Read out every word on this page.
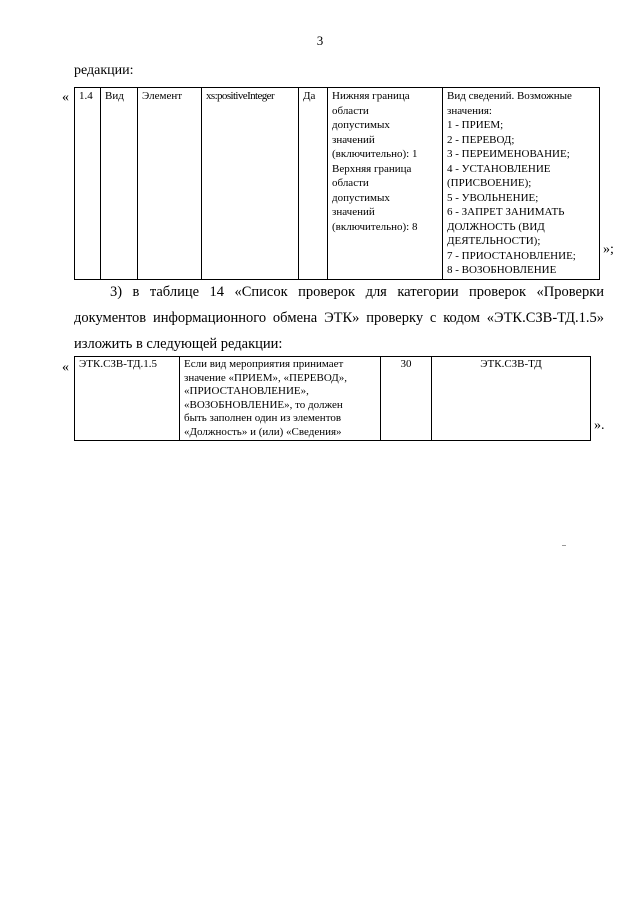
3
редакции:
« 1.4	Вид	Элемент	xs:positiveInteger	Да	Нижняя граница
области
допустимых
значений
(включительно): 1
Верхняя граница
области
допустимых
значений
(включительно): 8	Вид сведений. Возможные
значения:
1 - ПРИЕМ;
2 - ПЕРЕВОД;
3 - ПЕРЕИМЕНОВАНИЕ;
4 - УСТАНОВЛЕНИЕ
(ПРИСВОЕНИЕ);
5 - УВОЛЬНЕНИЕ;
6 - ЗАПРЕТ ЗАНИМАТЬ
ДОЛЖНОСТЬ (ВИД
ДЕЯТЕЛЬНОСТИ);
7 - ПРИОСТАНОВЛЕНИЕ;
8 - ВОЗОБНОВЛЕНИЕ
»;
3) в таблице 14 «Список проверок для категории проверок «Проверки
документов информационного обмена ЭТК» проверку с кодом «ЭТК.СЗВ-ТД.1.5»
изложить в следующей редакции:
« ЭТК.СЗВ-ТД.1.5	Если вид мероприятия принимает
значение «ПРИЕМ», «ПЕРЕВОД»,
«ПРИОСТАНОВЛЕНИЕ»,
«ВОЗОБНОВЛЕНИЕ», то должен
быть заполнен один из элементов
«Должность» и (или) «Сведения»	30	ЭТК.СЗВ-ТД
».
